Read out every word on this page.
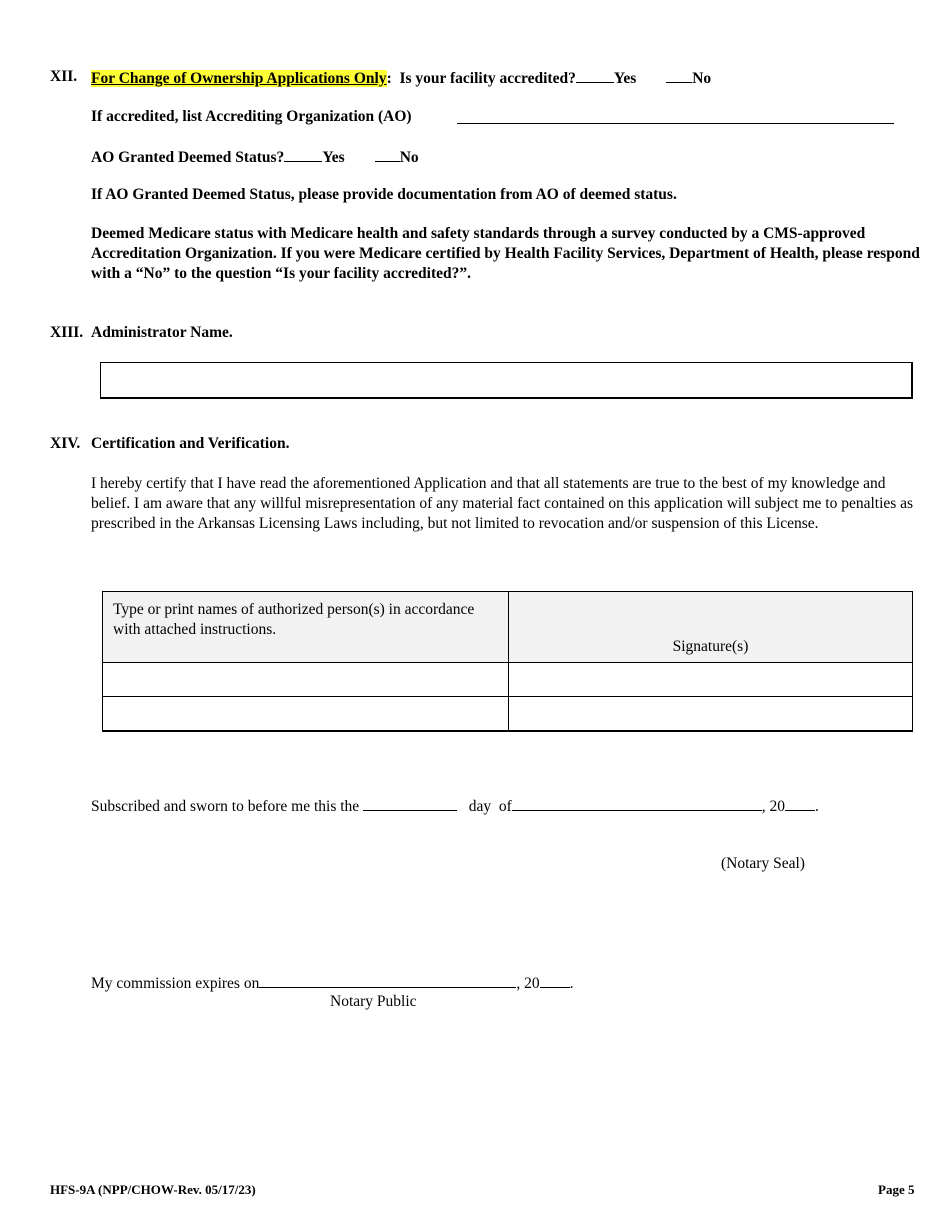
XII. For Change of Ownership Applications Only: Is your facility accredited? Yes	No
If accredited, list Accrediting Organization (AO)
AO Granted Deemed Status? Yes	No
If AO Granted Deemed Status, please provide documentation from AO of deemed status.
Deemed Medicare status with Medicare health and safety standards through a survey conducted by a CMS-approved Accreditation Organization. If you were Medicare certified by Health Facility Services, Department of Health, please respond with a “No” to the question “Is your facility accredited?”.
XIII. Administrator Name.
XIV. Certification and Verification.
I hereby certify that I have read the aforementioned Application and that all statements are true to the best of my knowledge and belief. I am aware that any willful misrepresentation of any material fact contained on this application will subject me to penalties as prescribed in the Arkansas Licensing Laws including, but not limited to revocation and/or suspension of this License.
Type or print names of authorized person(s) in accordance with attached instructions.	Signature(s)

Subscribed and sworn to before me this the	day of	, 20 .
(Notary Seal)
My commission expires on	, 20 .
Notary Public
HFS-9A (NPP/CHOW-Rev. 05/17/23)	Page 5
